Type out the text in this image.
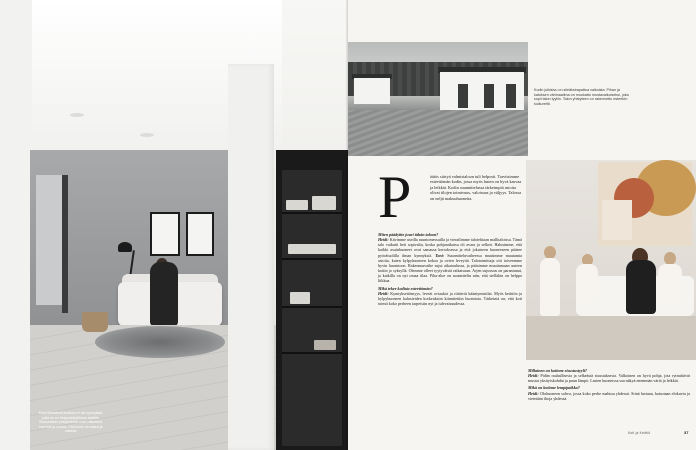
Esteettömässä kodissa ei ole kynnyksiä, jotta se on helppokäyttöinen kaikille. Sisustuksen pohjavärinä ovat valkoinen, harmaa ja musta. Olohuone on avara ja valoisa.
Kodin julkisivu on sileäksirapattua valkoista. Pihan ja katoksen värimaailma on muokattu mustavalkoiseksi, joka sopii talon tyyliin. Talon yhteyteen on rakennettu esteetön kulkureitti.
P	äätös siirtyä valmistaloon tuli helposti. Tarvitsimme esteettömän kodin, jossa myös lasten on hyvä kasvaa ja leikkiä. Kodin suunnittelussa tärkeimpiä asioita olivat tilojen toimivuus, valoisuus ja väljyys. Talossa on neljä makuuhuonetta.
Miten päädyitte juuri tähän taloon?
Heidi: Kävimme useilla asuntomessuilla ja vierailimme talotehtaan mallitaloissa. Tämä talo vaikutti heti sopivalta, koska pohjaratkaisu oli avara ja selkeä. Halusimme, että kaikki asuinhuoneet ovat samassa kerroksessa ja että jokaiseen huoneeseen pääsee pyörätuolilla ilman kynnyksiä. Toni: Suunnitteluvaiheessa muutimme muutamia asioita, kuten kylpyhuoneen kokoa ja ovien leveyttä. Talotoimittaja otti toiveemme hyvin huomioon. Rakennusvaihe sujui aikataulussa, ja pääsimme muuttamaan uuteen kotiin jo syksyllä. Olemme olleet tyytyväisiä ratkaisuun. Arjen sujuvuus on parantunut, ja kaikilla on nyt omaa tilaa. Piha-alue on suunniteltu niin, että sielläkin on helppo liikkua.
Mikä tekee kodista esteettömän?
Heidi: Kynnyksettömyys, leveät oviaukot ja riittävät kääntymistilat. Myös keittiön ja kylpyhuoneen kalusteiden korkeuksiin kiinnitettiin huomiota. Tärkeintä on, että koti toimii koko perheen tarpeisiin nyt ja tulevaisuudessa.
Millainen on kotinne sisustustyyli?
Heidi: Pidän rauhallisesta ja selkeästä sisustuksesta. Valkoinen on hyvä pohja, jota rytmittävät mustat yksityiskohdat ja puun lämpö. Lasten huoneissa saa näkyä enemmän väriä ja leikkiä.
Mikä on kotinne lempipaikka?
Heidi: Olohuoneen sohva, jossa koko perhe mahtuu yhdessä. Siinä luetaan, katsotaan elokuvia ja vietetään iltoja yhdessä.
Koti ja Keittiö	37
